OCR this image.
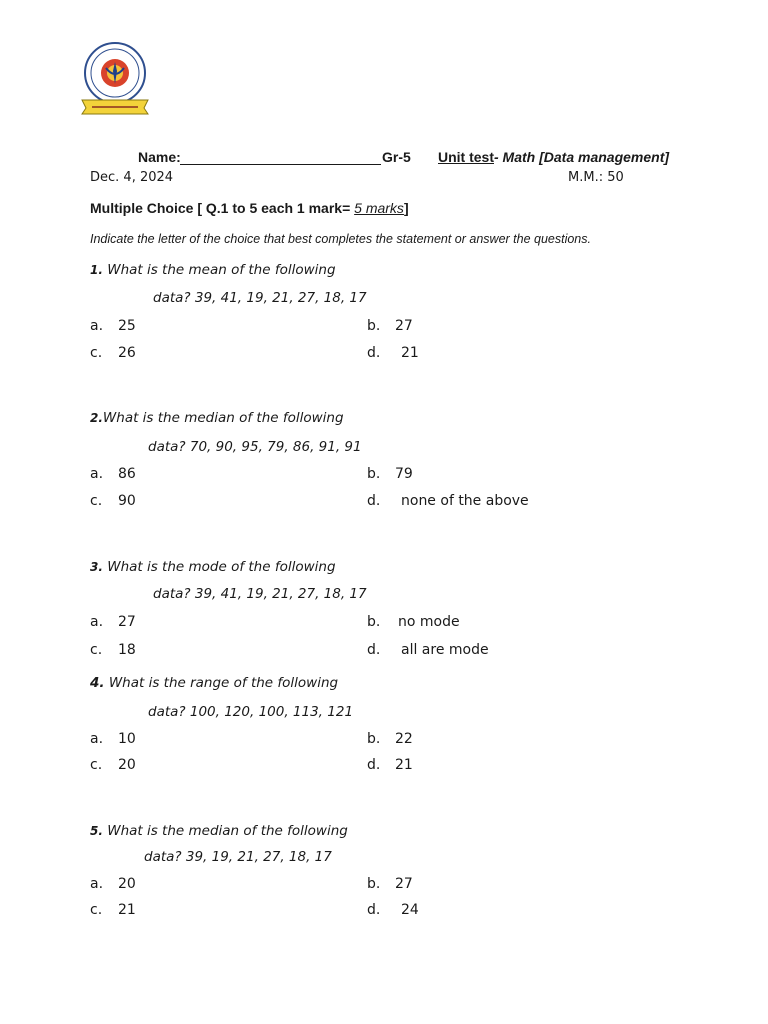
Name:	Gr-5 Unit test- Math [Data management]
Dec. 4, 2024	M.M.: 50
Multiple Choice [ Q.1 to 5 each 1 mark= 5 marks]
Indicate the letter of the choice that best completes the statement or answer the questions.
1. What is the mean of the following
data? 39, 41, 19, 21, 27, 18, 17
a. 25	b. 27
c. 26	d. 21
2.What is the median of the following
data? 70, 90, 95, 79, 86, 91, 91
a. 86	b. 79
c. 90	d. none of the above
3. What is the mode of the following
data? 39, 41, 19, 21, 27, 18, 17
a. 27	b. no mode
c. 18	d. all are mode
4. What is the range of the following
data? 100, 120, 100, 113, 121
a. 10	b. 22
c. 20	d. 21
5. What is the median of the following
data? 39, 19, 21, 27, 18, 17
a. 20	b. 27
c. 21	d. 24
